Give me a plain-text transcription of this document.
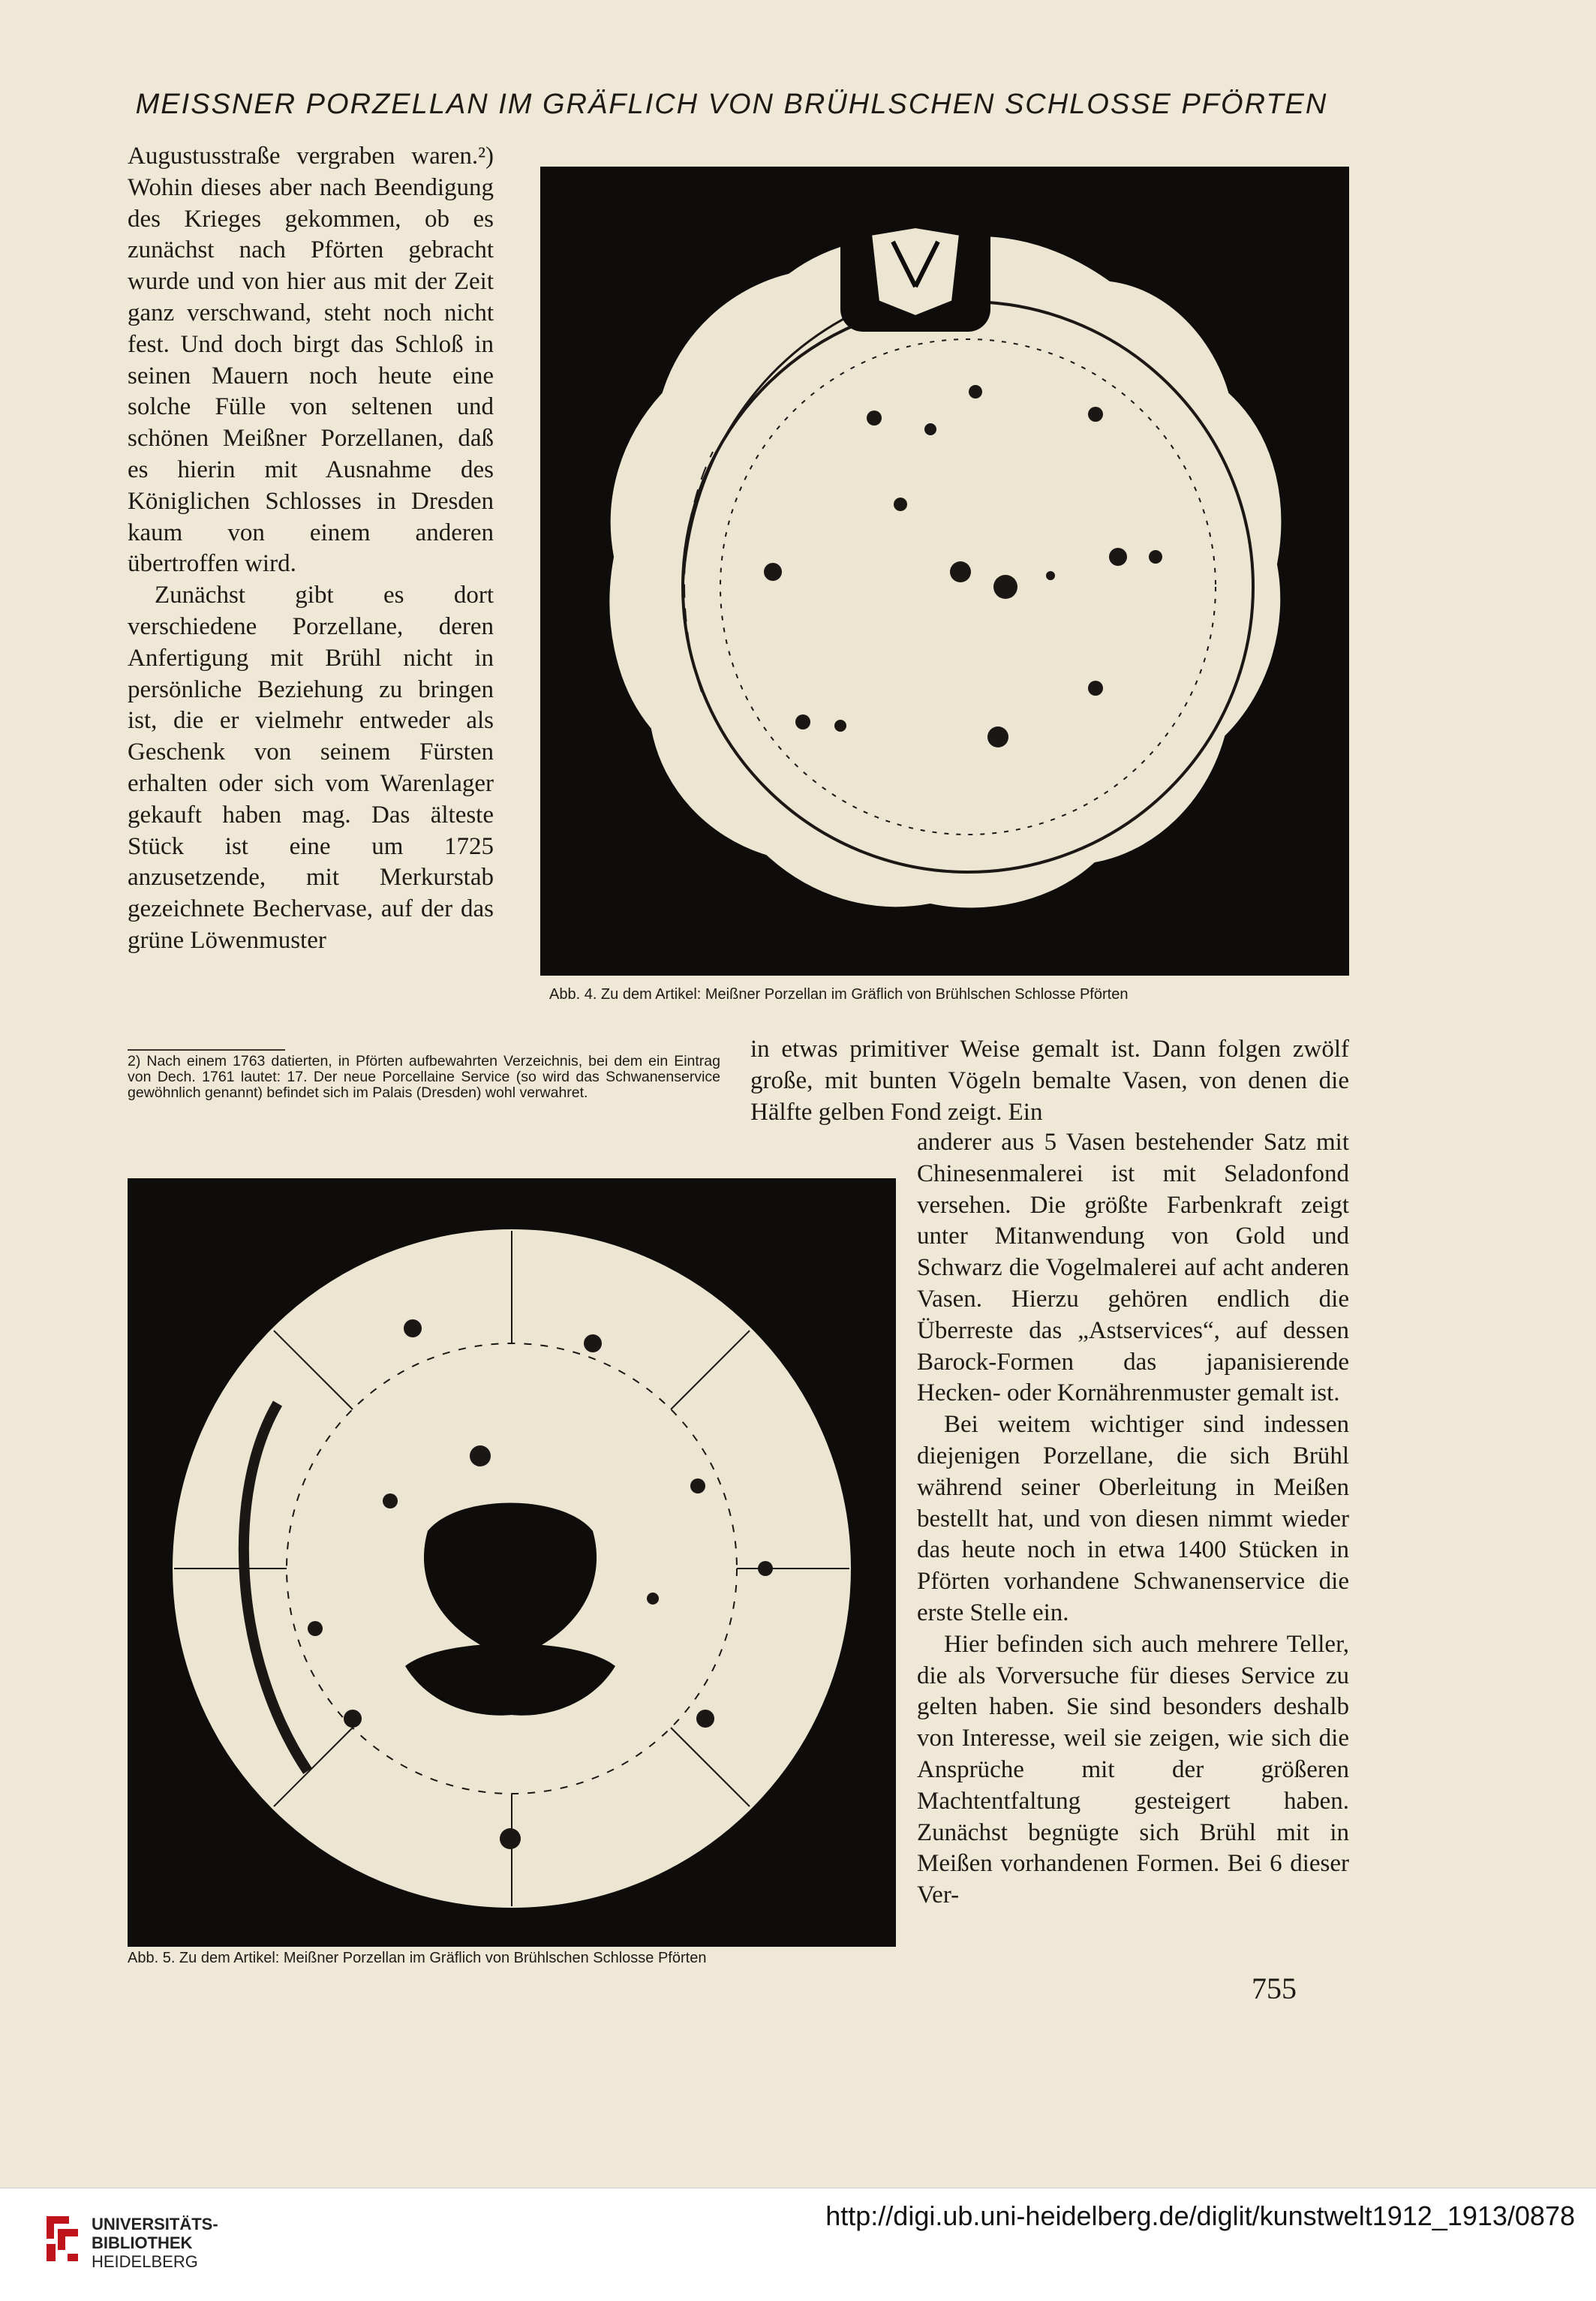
MEISSNER PORZELLAN IM GRÄFLICH VON BRÜHLSCHEN SCHLOSSE PFÖRTEN

Augustusstraße vergraben waren.²) Wohin dieses aber nach Beendigung des Krieges gekommen, ob es zunächst nach Pförten gebracht wurde und von hier aus mit der Zeit ganz verschwand, steht noch nicht fest. Und doch birgt das Schloß in seinen Mauern noch heute eine solche Fülle von seltenen und schönen Meißner Porzellanen, daß es hierin mit Ausnahme des Königlichen Schlosses in Dresden kaum von einem anderen übertroffen wird.

Zunächst gibt es dort verschiedene Porzellane, deren Anfertigung mit Brühl nicht in persönliche Beziehung zu bringen ist, die er vielmehr entweder als Geschenk von seinem Fürsten erhalten oder sich vom Warenlager gekauft haben mag. Das älteste Stück ist eine um 1725 anzusetzende, mit Merkurstab gezeichnete Bechervase, auf der das grüne Löwenmuster

Abb. 4. Zu dem Artikel: Meißner Porzellan im Gräflich von Brühlschen Schlosse Pförten
2) Nach einem 1763 datierten, in Pförten aufbewahrten Verzeichnis, bei dem ein Eintrag von Dech. 1761 lautet: 17. Der neue Porcellaine Service (so wird das Schwanenservice gewöhnlich genannt) befindet sich im Palais (Dresden) wohl verwahret.
in etwas primitiver Weise gemalt ist. Dann folgen zwölf große, mit bunten Vögeln bemalte Vasen, von denen die Hälfte gelben Fond zeigt. Ein
Abb. 5. Zu dem Artikel: Meißner Porzellan im Gräflich von Brühlschen Schlosse Pförten

anderer aus 5 Vasen bestehender Satz mit Chinesenmalerei ist mit Seladonfond versehen. Die größte Farbenkraft zeigt unter Mitanwendung von Gold und Schwarz die Vogelmalerei auf acht anderen Vasen. Hierzu gehören endlich die Überreste das „Astservices“, auf dessen Barock-Formen das japanisierende Hecken- oder Kornährenmuster gemalt ist.

Bei weitem wichtiger sind indessen diejenigen Porzellane, die sich Brühl während seiner Oberleitung in Meißen bestellt hat, und von diesen nimmt wieder das heute noch in etwa 1400 Stücken in Pförten vorhandene Schwanenservice die erste Stelle ein.

Hier befinden sich auch mehrere Teller, die als Vorversuche für dieses Service zu gelten haben. Sie sind besonders deshalb von Interesse, weil sie zeigen, wie sich die Ansprüche mit der größeren Machtentfaltung gesteigert haben. Zunächst begnügte sich Brühl mit in Meißen vorhandenen Formen. Bei 6 dieser Ver-

755
UNIVERSITÄTS-
BIBLIOTHEK
HEIDELBERG
http://digi.ub.uni-heidelberg.de/diglit/kunstwelt1912_1913/0878
